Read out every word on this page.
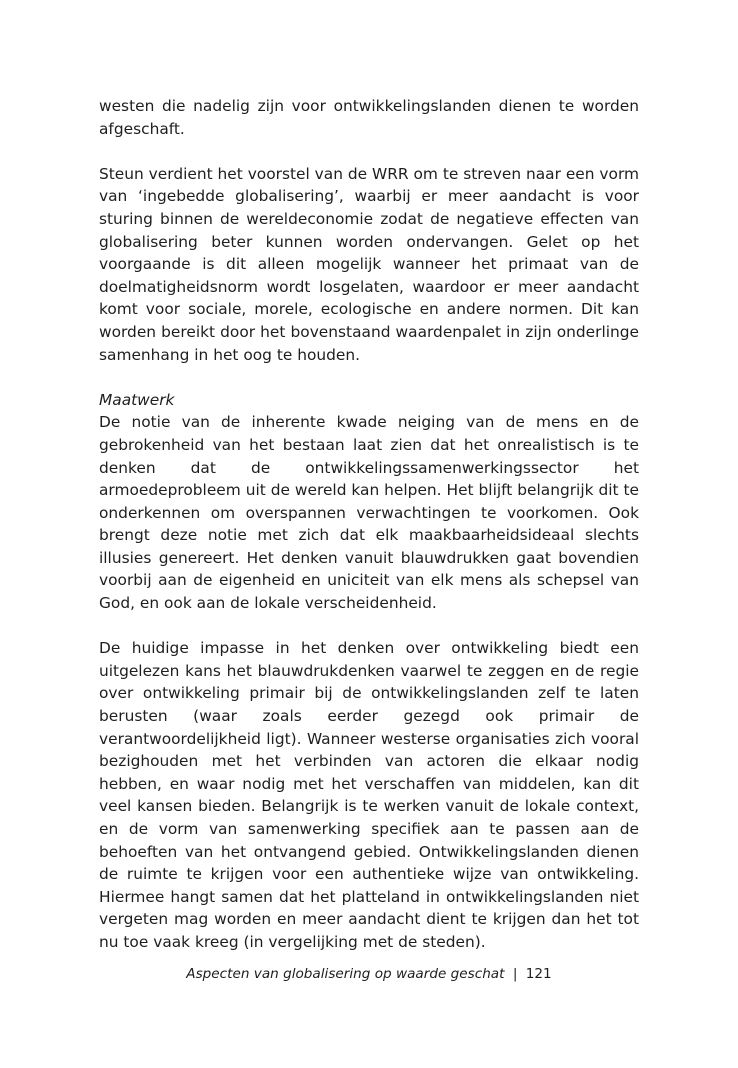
westen die nadelig zijn voor ontwikkelingslanden dienen te worden afgeschaft.

Steun verdient het voorstel van de WRR om te streven naar een vorm van ‘ingebedde globalisering’, waarbij er meer aandacht is voor sturing binnen de wereldeconomie zodat de negatieve effecten van globalisering beter kunnen worden ondervangen. Gelet op het voorgaande is dit alleen mogelijk wanneer het primaat van de doelmatigheidsnorm wordt losgelaten, waardoor er meer aandacht komt voor sociale, morele, ecologische en andere normen. Dit kan worden bereikt door het bovenstaand waardenpalet in zijn onderlinge samenhang in het oog te houden.

Maatwerk

De notie van de inherente kwade neiging van de mens en de gebrokenheid van het bestaan laat zien dat het onrealistisch is te denken dat de ontwikkelingssamenwerkingssector het armoedeprobleem uit de wereld kan helpen. Het blijft belangrijk dit te onderkennen om overspannen verwachtingen te voorkomen. Ook brengt deze notie met zich dat elk maakbaarheidsideaal slechts illusies genereert. Het denken vanuit blauwdrukken gaat bovendien voorbij aan de eigenheid en uniciteit van elk mens als schepsel van God, en ook aan de lokale verscheidenheid.

De huidige impasse in het denken over ontwikkeling biedt een uitgelezen kans het blauwdrukdenken vaarwel te zeggen en de regie over ontwikkeling primair bij de ontwikkelingslanden zelf te laten berusten (waar zoals eerder gezegd ook primair de verantwoordelijkheid ligt). Wanneer westerse organisaties zich vooral bezighouden met het verbinden van actoren die elkaar nodig hebben, en waar nodig met het verschaffen van middelen, kan dit veel kansen bieden. Belangrijk is te werken vanuit de lokale context, en de vorm van samenwerking specifiek aan te passen aan de behoeften van het ontvangend gebied. Ontwikkelingslanden dienen de ruimte te krijgen voor een authentieke wijze van ontwikkeling. Hiermee hangt samen dat het platteland in ontwikkelingslanden niet vergeten mag worden en meer aandacht dient te krijgen dan het tot nu toe vaak kreeg (in vergelijking met de steden).

Aspecten van globalisering op waarde geschat | 121
